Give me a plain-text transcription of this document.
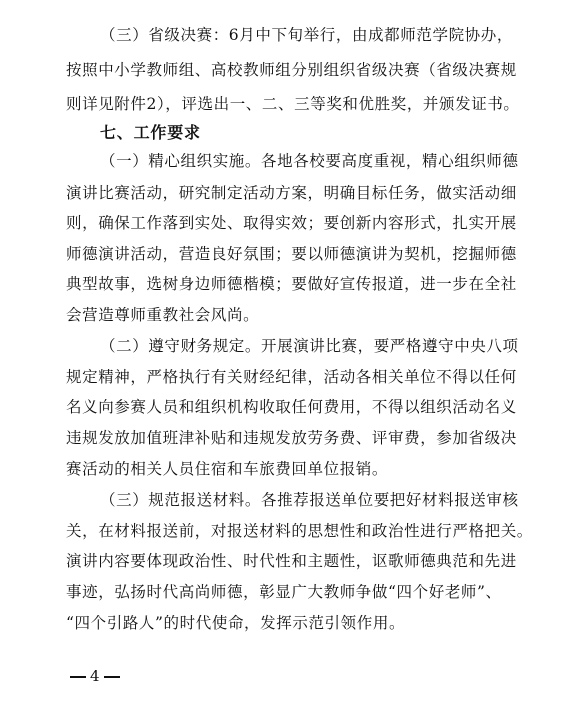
（三）省级决赛：6月中下旬举行，由成都师范学院协办，
按照中小学教师组、高校教师组分别组织省级决赛（省级决赛规
则详见附件2），评选出一、二、三等奖和优胜奖，并颁发证书。
七、工作要求
（一）精心组织实施。各地各校要高度重视，精心组织师德
演讲比赛活动，研究制定活动方案，明确目标任务，做实活动细
则，确保工作落到实处、取得实效；要创新内容形式，扎实开展
师德演讲活动，营造良好氛围；要以师德演讲为契机，挖掘师德
典型故事，选树身边师德楷模；要做好宣传报道，进一步在全社
会营造尊师重教社会风尚。
（二）遵守财务规定。开展演讲比赛，要严格遵守中央八项
规定精神，严格执行有关财经纪律，活动各相关单位不得以任何
名义向参赛人员和组织机构收取任何费用，不得以组织活动名义
违规发放加值班津补贴和违规发放劳务费、评审费，参加省级决
赛活动的相关人员住宿和车旅费回单位报销。
（三）规范报送材料。各推荐报送单位要把好材料报送审核
关，在材料报送前，对报送材料的思想性和政治性进行严格把关。
演讲内容要体现政治性、时代性和主题性，讴歌师德典范和先进
事迹，弘扬时代高尚师德，彰显广大教师争做“四个好老师”、
“四个引路人”的时代使命，发挥示范引领作用。
4
